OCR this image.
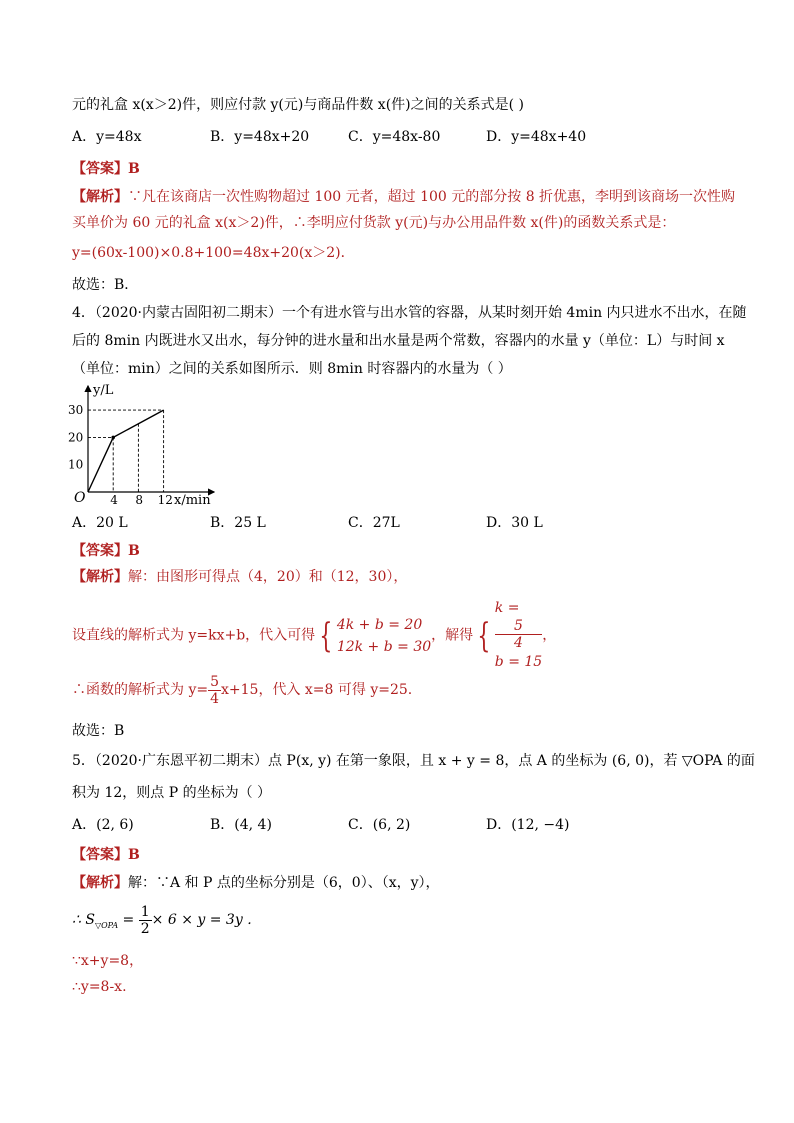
元的礼盒 x(x＞2)件，则应付款 y(元)与商品件数 x(件)之间的关系式是( )
A．y=48x	B．y=48x+20	C．y=48x-80	D．y=48x+40
【答案】B
【解析】∵凡在该商店一次性购物超过 100 元者，超过 100 元的部分按 8 折优惠，李明到该商场一次性购
买单价为 60 元的礼盒 x(x＞2)件，∴李明应付货款 y(元)与办公用品件数 x(件)的函数关系式是：
y=(60x-100)×0.8+100=48x+20(x＞2)．
故选：B．
4．（2020·内蒙古固阳初二期末）一个有进水管与出水管的容器，从某时刻开始 4min 内只进水不出水，在随
后的 8min 内既进水又出水，每分钟的进水量和出水量是两个常数，容器内的水量 y（单位：L）与时间 x
（单位：min）之间的关系如图所示．则 8min 时容器内的水量为（ ）
y/L
x/min
O
10
20
30
4 8 12
A．20 L	B．25 L	C．27L	D．30 L
【答案】B
【解析】解：由图形可得点（4，20）和（12，30），
设直线的解析式为 y=kx+b，代入可得 { 4k + b = 20
12k + b = 30
，解得 {
k =
5
4
b = 15
，
∴函数的解析式为 $y= \frac{5}{4} x+15$，代入 x=8 可得 y=25.
故选：B
5．（2020·广东恩平初二期末）点 P(x, y) 在第一象限，且 x + y = 8，点 A 的坐标为 (6, 0)，若 ▽OPA 的面
积为 12，则点 P 的坐标为（ ）
A．(2, 6)	B．(4, 4)	C．(6, 2)	D．(12, −4)
【答案】B
【解析】解：∵A 和 P 点的坐标分别是（6，0）、（x，y），
∴ $S_{▽OPA} = \frac{1}{2} \times 6 \times y = 3y$ ．
∵x+y=8，
∴y=8-x.
